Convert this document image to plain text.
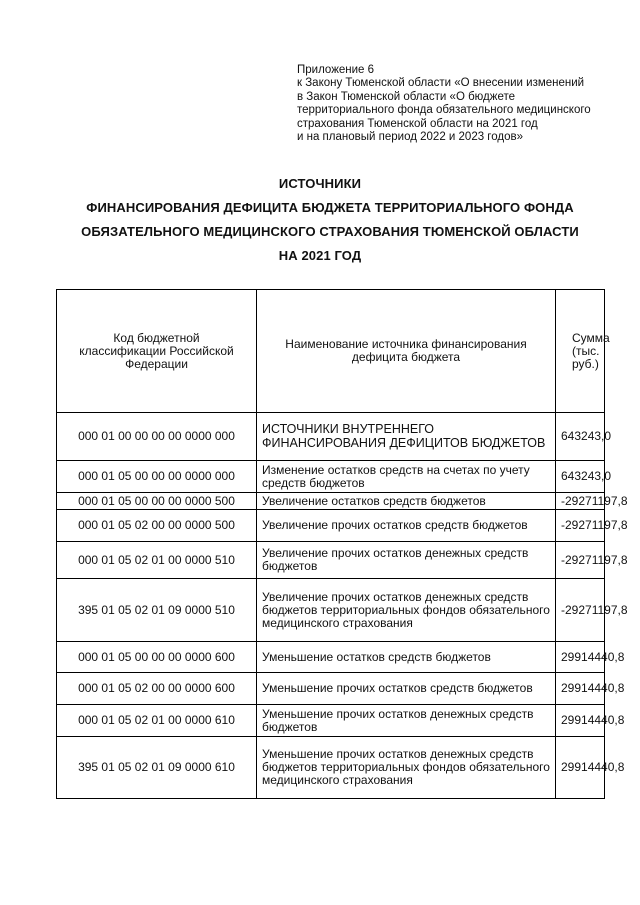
Приложение 6
к Закону Тюменской области «О внесении изменений
в Закон Тюменской области «О бюджете
территориального фонда обязательного медицинского
страхования Тюменской области на 2021 год
и на плановый период 2022 и 2023 годов»
ИСТОЧНИКИ
ФИНАНСИРОВАНИЯ ДЕФИЦИТА БЮДЖЕТА ТЕРРИТОРИАЛЬНОГО ФОНДА
ОБЯЗАТЕЛЬНОГО МЕДИЦИНСКОГО СТРАХОВАНИЯ ТЮМЕНСКОЙ ОБЛАСТИ
НА 2021 ГОД
Код бюджетной классификации Российской Федерации	Наименование источника финансирования дефицита бюджета	Сумма (тыс. руб.)
000 01 00 00 00 00 0000 000	ИСТОЧНИКИ ВНУТРЕННЕГО ФИНАНСИРОВАНИЯ ДЕФИЦИТОВ БЮДЖЕТОВ	643243,0
000 01 05 00 00 00 0000 000	Изменение остатков средств на счетах по учету средств бюджетов	643243,0
000 01 05 00 00 00 0000 500	Увеличение остатков средств бюджетов	-29271197,8
000 01 05 02 00 00 0000 500	Увеличение прочих остатков средств бюджетов	-29271197,8
000 01 05 02 01 00 0000 510	Увеличение прочих остатков денежных средств бюджетов	-29271197,8
395 01 05 02 01 09 0000 510	Увеличение прочих остатков денежных средств бюджетов территориальных фондов обязательного медицинского страхования	-29271197,8
000 01 05 00 00 00 0000 600	Уменьшение остатков средств бюджетов	29914440,8
000 01 05 02 00 00 0000 600	Уменьшение прочих остатков средств бюджетов	29914440,8
000 01 05 02 01 00 0000 610	Уменьшение прочих остатков денежных средств бюджетов	29914440,8
395 01 05 02 01 09 0000 610	Уменьшение прочих остатков денежных средств бюджетов территориальных фондов обязательного медицинского страхования	29914440,8
